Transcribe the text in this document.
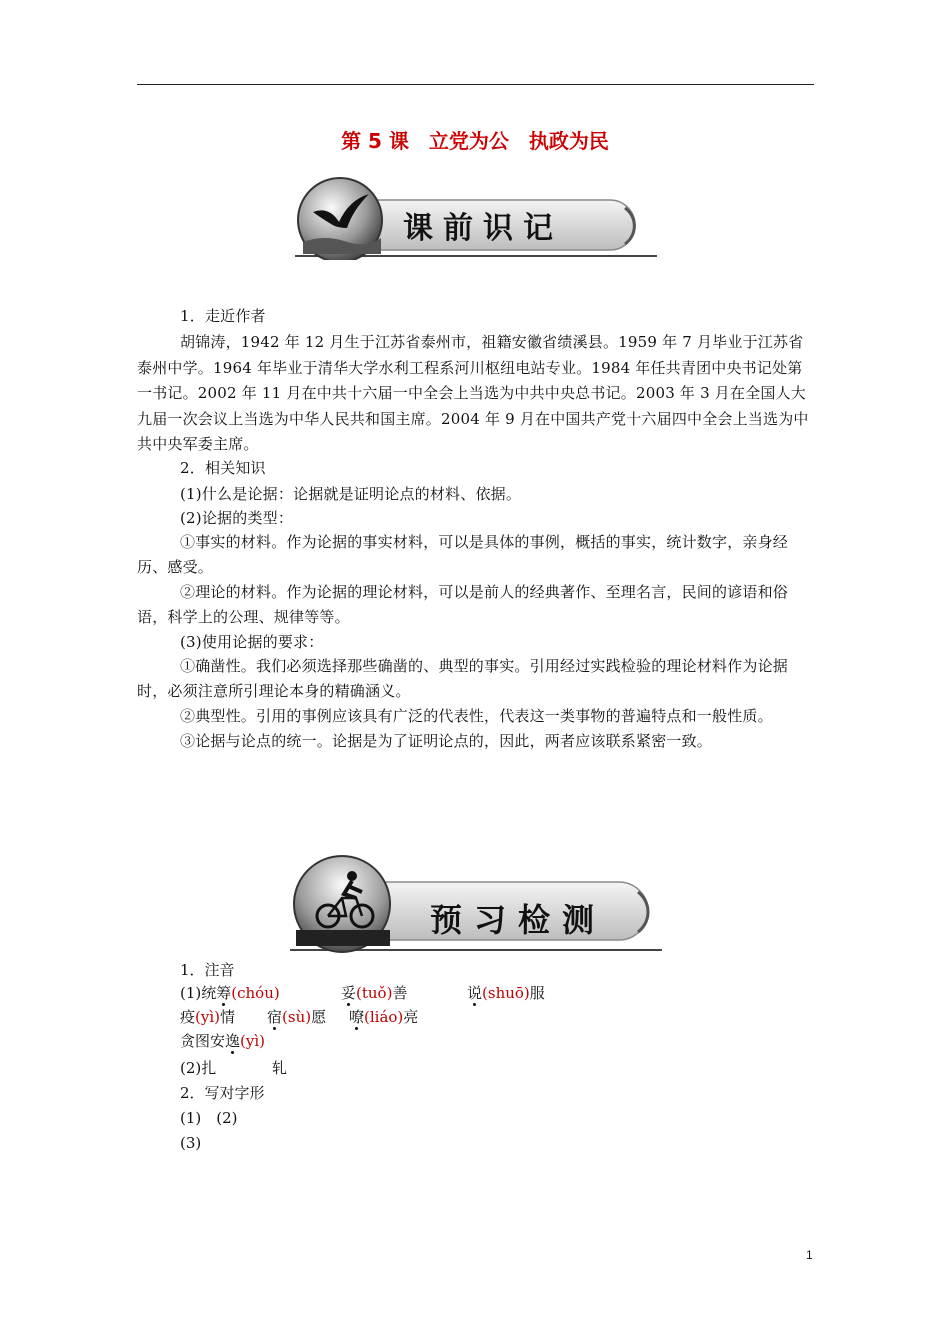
第 5 课　立党为公　执政为民
课前识记
1．走近作者
胡锦涛，1942 年 12 月生于江苏省泰州市，祖籍安徽省绩溪县。1959 年 7 月毕业于江苏省泰州中学。1964 年毕业于清华大学水利工程系河川枢纽电站专业。1984 年任共青团中央书记处第一书记。2002 年 11 月在中共十六届一中全会上当选为中共中央总书记。2003 年 3 月在全国人大九届一次会议上当选为中华人民共和国主席。2004 年 9 月在中国共产党十六届四中全会上当选为中共中央军委主席。
2．相关知识
(1)什么是论据：论据就是证明论点的材料、依据。
(2)论据的类型：
①事实的材料。作为论据的事实材料，可以是具体的事例，概括的事实，统计数字，亲身经历、感受。
②理论的材料。作为论据的理论材料，可以是前人的经典著作、至理名言，民间的谚语和俗语，科学上的公理、规律等等。
(3)使用论据的要求：
①确凿性。我们必须选择那些确凿的、典型的事实。引用经过实践检验的理论材料作为论据时，必须注意所引理论本身的精确涵义。
②典型性。引用的事例应该具有广泛的代表性，代表这一类事物的普遍特点和一般性质。
③论据与论点的统一。论据是为了证明论点的，因此，两者应该联系紧密一致。
预习检测
1．注音
(1)统筹(chóu)	妥(tuǒ)善	说(shuō)服
疫(yì)情 宿(sù)愿 嘹(liáo)亮
贪图安逸(yì)
(2)扎	轧
2．写对字形
(1)　(2)
(3)
1
